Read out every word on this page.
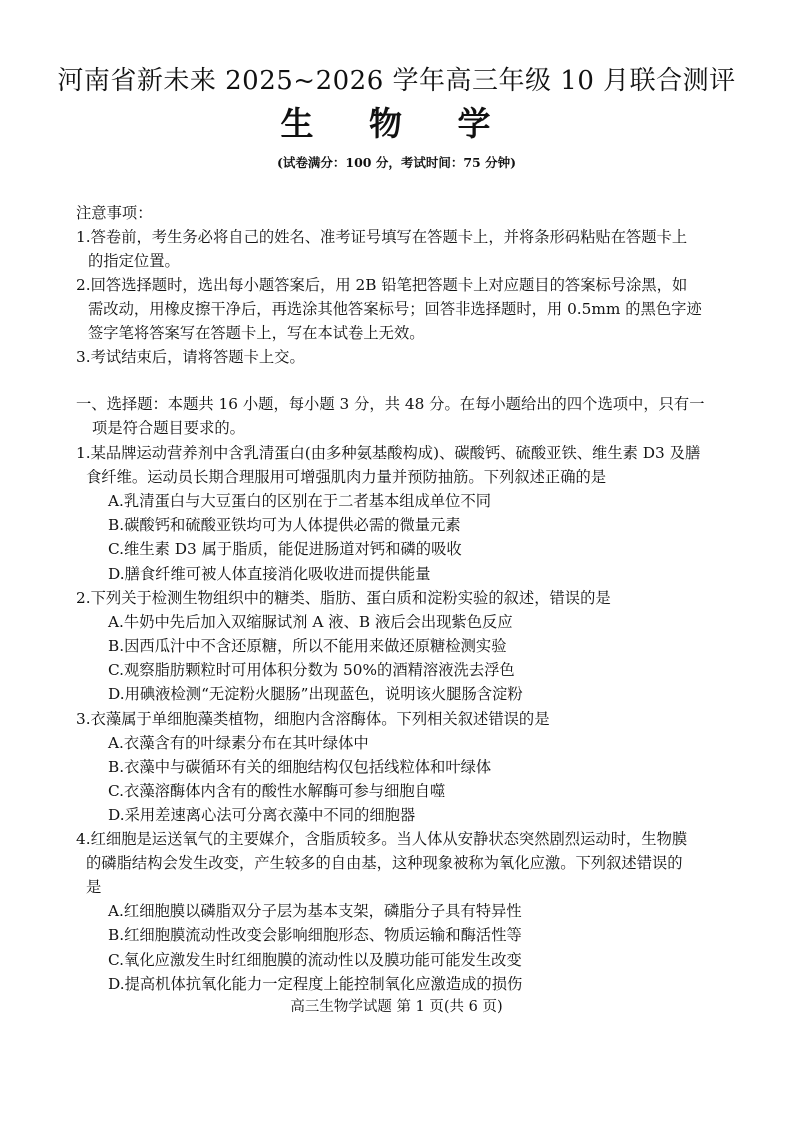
河南省新未来 2025~2026 学年高三年级 10 月联合测评
生 物 学
(试卷满分：100 分，考试时间：75 分钟)
注意事项：
1.答卷前，考生务必将自己的姓名、准考证号填写在答题卡上，并将条形码粘贴在答题卡上
的指定位置。
2.回答选择题时，选出每小题答案后，用 2B 铅笔把答题卡上对应题目的答案标号涂黑，如
需改动，用橡皮擦干净后，再选涂其他答案标号；回答非选择题时，用 0.5mm 的黑色字迹
签字笔将答案写在答题卡上，写在本试卷上无效。
3.考试结束后，请将答题卡上交。
一、选择题：本题共 16 小题，每小题 3 分，共 48 分。在每小题给出的四个选项中，只有一
项是符合题目要求的。
1.某品牌运动营养剂中含乳清蛋白(由多种氨基酸构成)、碳酸钙、硫酸亚铁、维生素 D3 及膳
食纤维。运动员长期合理服用可增强肌肉力量并预防抽筋。下列叙述正确的是
A.乳清蛋白与大豆蛋白的区别在于二者基本组成单位不同
B.碳酸钙和硫酸亚铁均可为人体提供必需的微量元素
C.维生素 D3 属于脂质，能促进肠道对钙和磷的吸收
D.膳食纤维可被人体直接消化吸收进而提供能量
2.下列关于检测生物组织中的糖类、脂肪、蛋白质和淀粉实验的叙述，错误的是
A.牛奶中先后加入双缩脲试剂 A 液、B 液后会出现紫色反应
B.因西瓜汁中不含还原糖，所以不能用来做还原糖检测实验
C.观察脂肪颗粒时可用体积分数为 50%的酒精溶液洗去浮色
D.用碘液检测“无淀粉火腿肠”出现蓝色，说明该火腿肠含淀粉
3.衣藻属于单细胞藻类植物，细胞内含溶酶体。下列相关叙述错误的是
A.衣藻含有的叶绿素分布在其叶绿体中
B.衣藻中与碳循环有关的细胞结构仅包括线粒体和叶绿体
C.衣藻溶酶体内含有的酸性水解酶可参与细胞自噬
D.采用差速离心法可分离衣藻中不同的细胞器
4.红细胞是运送氧气的主要媒介，含脂质较多。当人体从安静状态突然剧烈运动时，生物膜
的磷脂结构会发生改变，产生较多的自由基，这种现象被称为氧化应激。下列叙述错误的
是
A.红细胞膜以磷脂双分子层为基本支架，磷脂分子具有特异性
B.红细胞膜流动性改变会影响细胞形态、物质运输和酶活性等
C.氧化应激发生时红细胞膜的流动性以及膜功能可能发生改变
D.提高机体抗氧化能力一定程度上能控制氧化应激造成的损伤
高三生物学试题 第 1 页(共 6 页)
